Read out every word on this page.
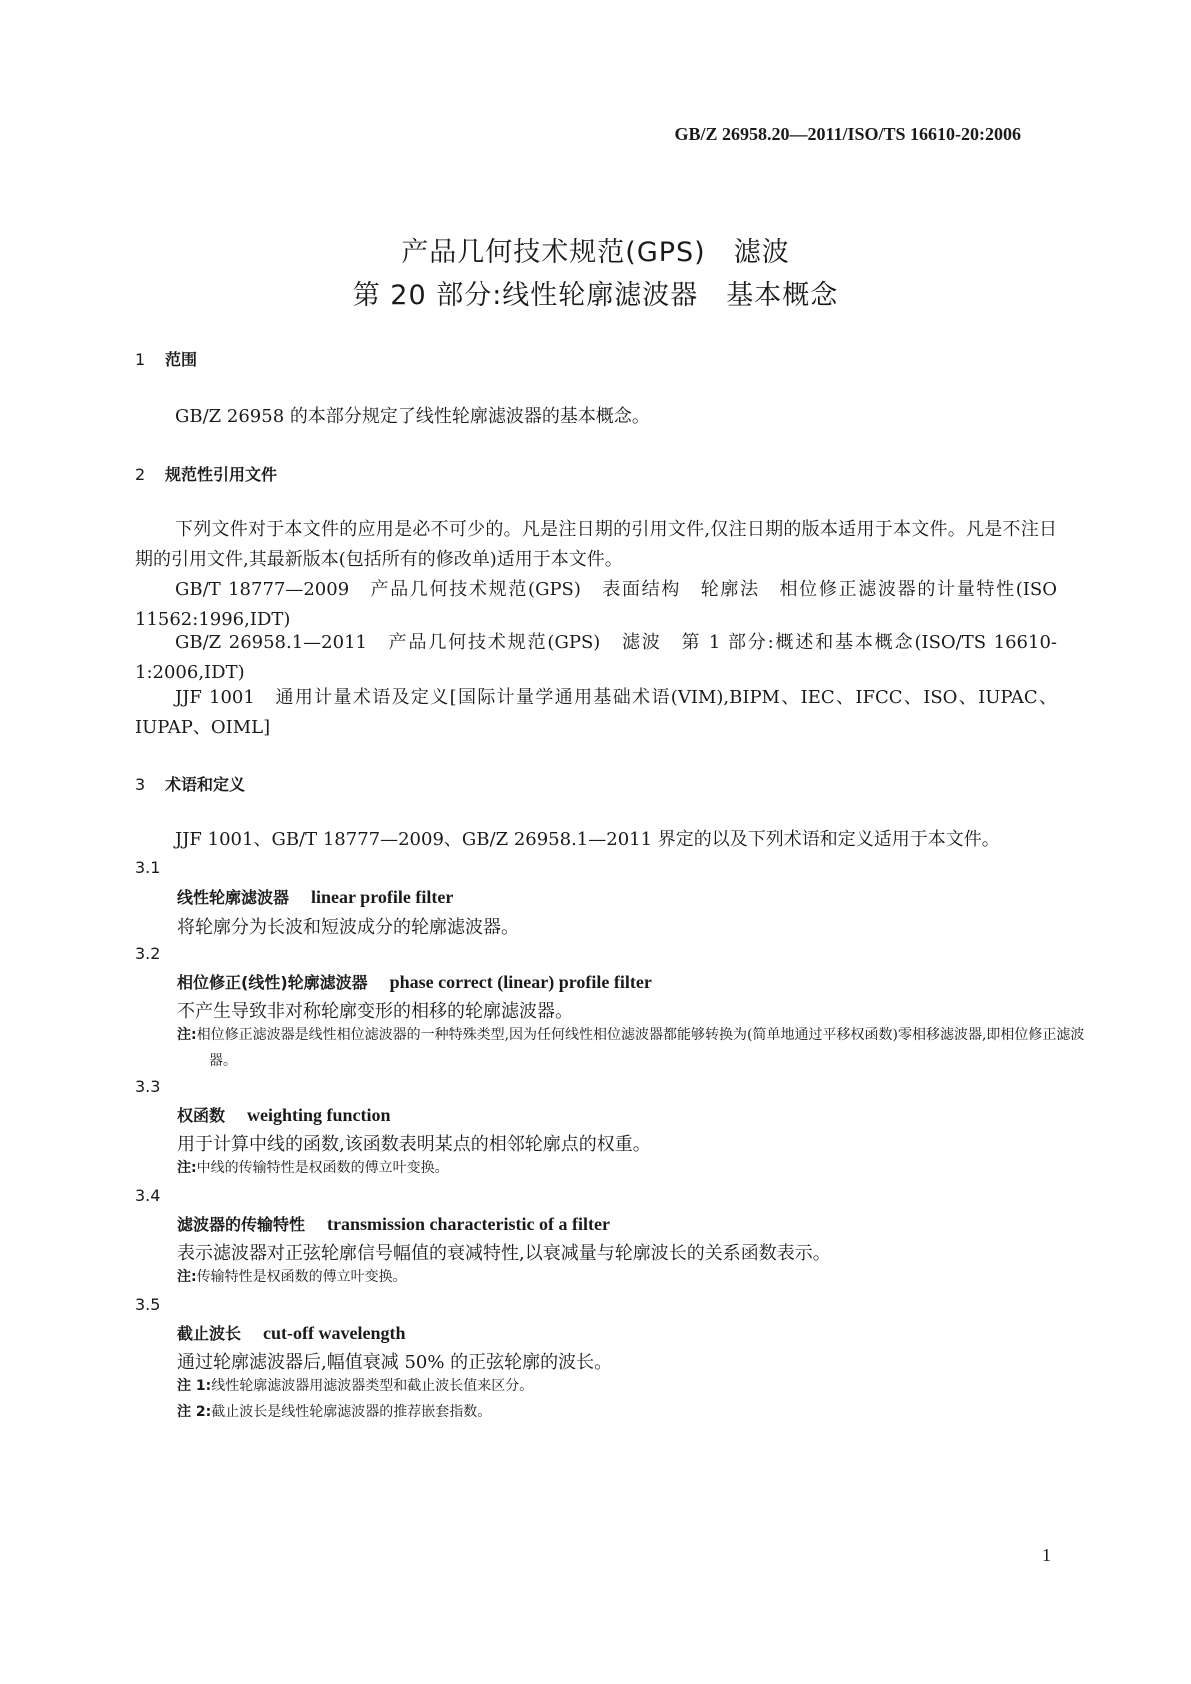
GB/Z 26958.20—2011/ISO/TS 16610-20:2006
产品几何技术规范(GPS)　滤波
第 20 部分:线性轮廓滤波器　基本概念
1 范围
GB/Z 26958 的本部分规定了线性轮廓滤波器的基本概念。
2 规范性引用文件
下列文件对于本文件的应用是必不可少的。凡是注日期的引用文件,仅注日期的版本适用于本文件。凡是不注日期的引用文件,其最新版本(包括所有的修改单)适用于本文件。
GB/T 18777—2009　产品几何技术规范(GPS)　表面结构　轮廓法　相位修正滤波器的计量特性(ISO 11562:1996,IDT)
GB/Z 26958.1—2011　产品几何技术规范(GPS)　滤波　第 1 部分:概述和基本概念(ISO/TS 16610-1:2006,IDT)
JJF 1001　通用计量术语及定义[国际计量学通用基础术语(VIM),BIPM、IEC、IFCC、ISO、IUPAC、IUPAP、OIML]
3 术语和定义
JJF 1001、GB/T 18777—2009、GB/Z 26958.1—2011 界定的以及下列术语和定义适用于本文件。
3.1
线性轮廓滤波器 linear profile filter
将轮廓分为长波和短波成分的轮廓滤波器。
3.2
相位修正(线性)轮廓滤波器 phase correct (linear) profile filter
不产生导致非对称轮廓变形的相移的轮廓滤波器。
注:相位修正滤波器是线性相位滤波器的一种特殊类型,因为任何线性相位滤波器都能够转换为(简单地通过平移权函数)零相移滤波器,即相位修正滤波器。
3.3
权函数 weighting function
用于计算中线的函数,该函数表明某点的相邻轮廓点的权重。
注:中线的传输特性是权函数的傅立叶变换。
3.4
滤波器的传输特性 transmission characteristic of a filter
表示滤波器对正弦轮廓信号幅值的衰减特性,以衰减量与轮廓波长的关系函数表示。
注:传输特性是权函数的傅立叶变换。
3.5
截止波长 cut-off wavelength
通过轮廓滤波器后,幅值衰减 50% 的正弦轮廓的波长。
注 1:线性轮廓滤波器用滤波器类型和截止波长值来区分。
注 2:截止波长是线性轮廓滤波器的推荐嵌套指数。
1
